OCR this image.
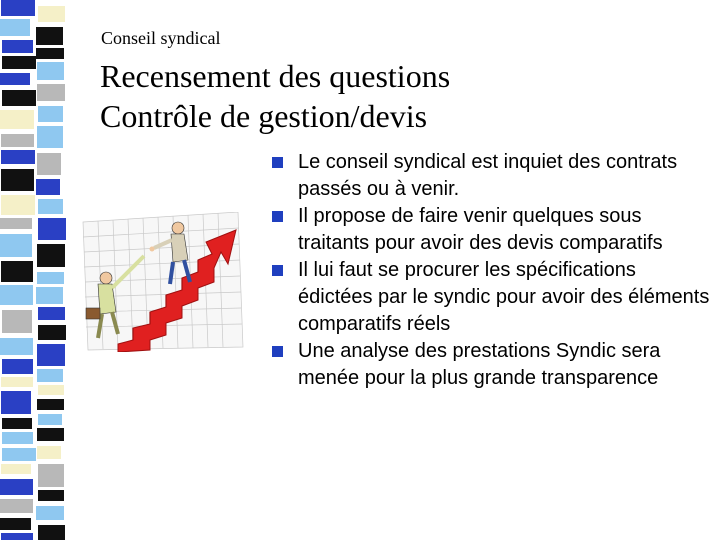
Conseil syndical
Recensement des questions
Contrôle de gestion/devis
Le conseil syndical est inquiet des contrats passés ou à venir.
Il propose de faire venir quelques sous traitants pour avoir des devis comparatifs
Il lui faut se procurer les spécifications édictées par le syndic pour avoir des éléments comparatifs réels
Une analyse des prestations Syndic sera menée pour la plus grande transparence
